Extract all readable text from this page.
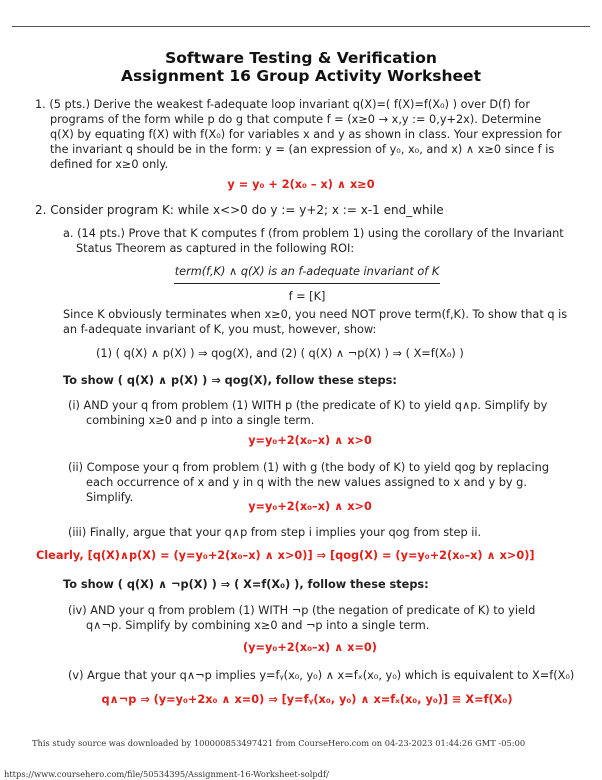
Software Testing & Verification
Assignment 16 Group Activity Worksheet
1. (5 pts.) Derive the weakest f-adequate loop invariant q(X)=( f(X)=f(X₀) ) over D(f) for
programs of the form while p do g that compute f = (x≥0 → x,y := 0,y+2x). Determine
q(X) by equating f(X) with f(X₀) for variables x and y as shown in class. Your expression for
the invariant q should be in the form: y = (an expression of y₀, x₀, and x) ∧ x≥0 since f is
defined for x≥0 only.
y = y₀ + 2(x₀ – x) ∧ x≥0
2. Consider program K: while x<>0 do y := y+2; x := x-1 end_while
a. (14 pts.) Prove that K computes f (from problem 1) using the corollary of the Invariant
Status Theorem as captured in the following ROI:
term(f,K) ∧ q(X) is an f-adequate invariant of K
f = [K]
Since K obviously terminates when x≥0, you need NOT prove term(f,K). To show that q is
an f-adequate invariant of K, you must, however, show:
(1) ( q(X) ∧ p(X) ) ⇒ qog(X), and (2) ( q(X) ∧ ¬p(X) ) ⇒ ( X=f(X₀) )
To show ( q(X) ∧ p(X) ) ⇒ qog(X), follow these steps:
(i) AND your q from problem (1) WITH p (the predicate of K) to yield q∧p. Simplify by
combining x≥0 and p into a single term.
y=y₀+2(x₀–x) ∧ x>0
(ii) Compose your q from problem (1) with g (the body of K) to yield qog by replacing
each occurrence of x and y in q with the new values assigned to x and y by g.
Simplify.
y=y₀+2(x₀–x) ∧ x>0
(iii) Finally, argue that your q∧p from step i implies your qog from step ii.
Clearly, [q(X)∧p(X) = (y=y₀+2(x₀–x) ∧ x>0)] ⇒ [qog(X) = (y=y₀+2(x₀–x) ∧ x>0)]
To show ( q(X) ∧ ¬p(X) ) ⇒ ( X=f(X₀) ), follow these steps:
(iv) AND your q from problem (1) WITH ¬p (the negation of predicate of K) to yield
q∧¬p. Simplify by combining x≥0 and ¬p into a single term.
(y=y₀+2(x₀–x) ∧ x=0)
(v) Argue that your q∧¬p implies y=fᵧ(x₀, y₀) ∧ x=fₓ(x₀, y₀) which is equivalent to X=f(X₀)
q∧¬p ⇒ (y=y₀+2x₀ ∧ x=0) ⇒ [y=fᵧ(x₀, y₀) ∧ x=fₓ(x₀, y₀)] ≡ X=f(X₀)
This study source was downloaded by 100000853497421 from CourseHero.com on 04-23-2023 01:44:26 GMT -05:00
https://www.coursehero.com/file/50534395/Assignment-16-Worksheet-solpdf/
